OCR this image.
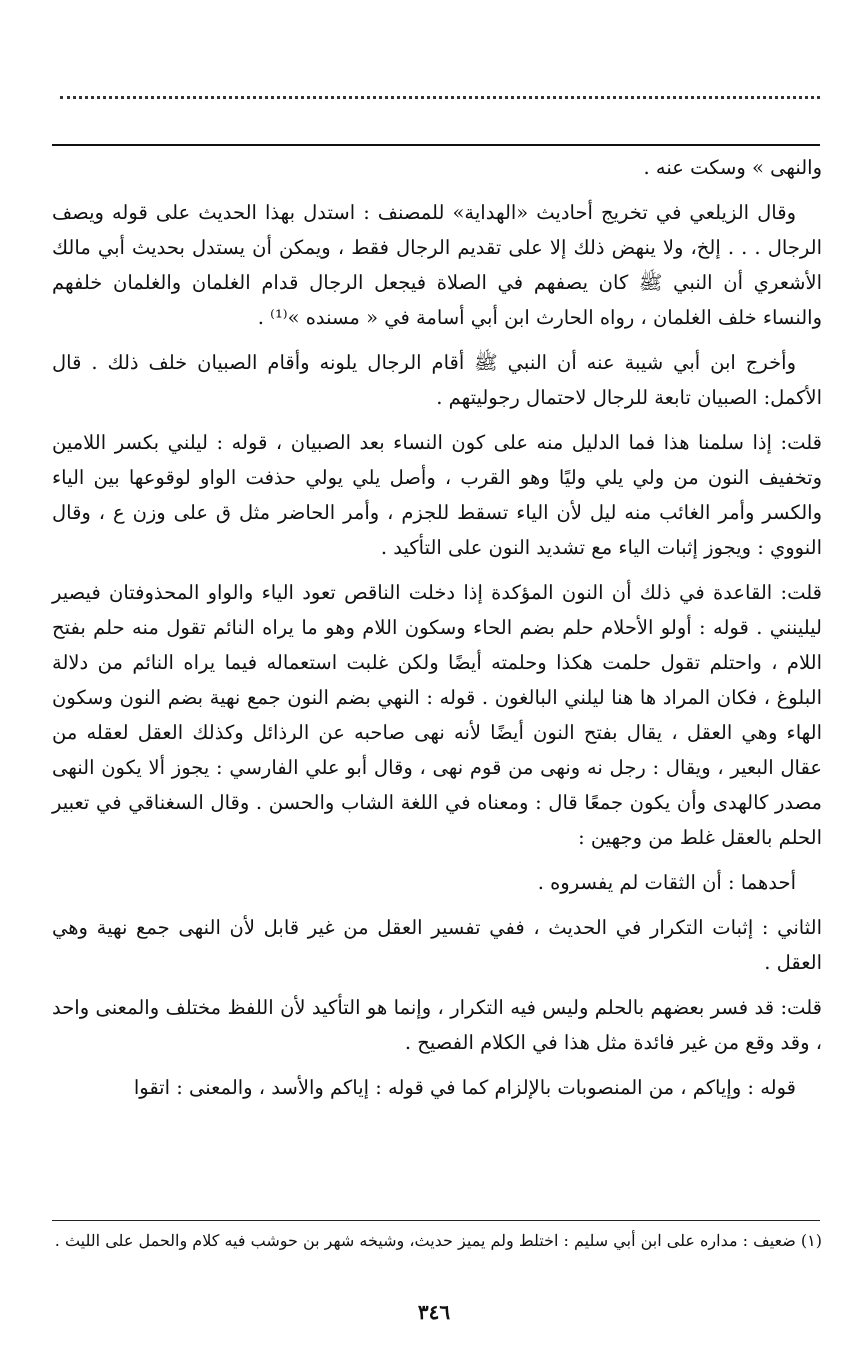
والنهى » وسكت عنه .

وقال الزيلعي في تخريج أحاديث «الهداية» للمصنف : استدل بهذا الحديث على قوله ويصف الرجال . . . إلخ، ولا ينهض ذلك إلا على تقديم الرجال فقط ، ويمكن أن يستدل بحديث أبي مالك الأشعري أن النبي ﷺ كان يصفهم في الصلاة فيجعل الرجال قدام الغلمان والغلمان خلفهم والنساء خلف الغلمان ، رواه الحارث ابن أبي أسامة في « مسنده »⁽¹⁾ .

وأخرج ابن أبي شيبة عنه أن النبي ﷺ أقام الرجال يلونه وأقام الصبيان خلف ذلك . قال الأكمل: الصبيان تابعة للرجال لاحتمال رجوليتهم .

قلت: إذا سلمنا هذا فما الدليل منه على كون النساء بعد الصبيان ، قوله : ليلني بكسر اللامين وتخفيف النون من ولي يلي وليًا وهو القرب ، وأصل يلي يولي حذفت الواو لوقوعها بين الياء والكسر وأمر الغائب منه ليل لأن الياء تسقط للجزم ، وأمر الحاضر مثل ق على وزن ع ، وقال النووي : ويجوز إثبات الياء مع تشديد النون على التأكيد .

قلت: القاعدة في ذلك أن النون المؤكدة إذا دخلت الناقص تعود الياء والواو المحذوفتان فيصير ليلينني . قوله : أولو الأحلام حلم بضم الحاء وسكون اللام وهو ما يراه النائم تقول منه حلم بفتح اللام ، واحتلم تقول حلمت هكذا وحلمته أيضًا ولكن غلبت استعماله فيما يراه النائم من دلالة البلوغ ، فكان المراد ها هنا ليلني البالغون . قوله : النهي بضم النون جمع نهية بضم النون وسكون الهاء وهي العقل ، يقال بفتح النون أيضًا لأنه نهى صاحبه عن الرذائل وكذلك العقل لعقله من عقال البعير ، ويقال : رجل نه ونهى من قوم نهى ، وقال أبو علي الفارسي : يجوز ألا يكون النهى مصدر كالهدى وأن يكون جمعًا قال : ومعناه في اللغة الشاب والحسن . وقال السغناقي في تعبير الحلم بالعقل غلط من وجهين :

أحدهما : أن الثقات لم يفسروه .

الثاني : إثبات التكرار في الحديث ، ففي تفسير العقل من غير قابل لأن النهى جمع نهية وهي العقل .

قلت: قد فسر بعضهم بالحلم وليس فيه التكرار ، وإنما هو التأكيد لأن اللفظ مختلف والمعنى واحد ، وقد وقع من غير فائدة مثل هذا في الكلام الفصيح .

قوله : وإياكم ، من المنصوبات بالإلزام كما في قوله : إياكم والأسد ، والمعنى : اتقوا

(١) ضعيف : مداره على ابن أبي سليم : اختلط ولم يميز حديث، وشيخه شهر بن حوشب فيه كلام والحمل على الليث .
٣٤٦
